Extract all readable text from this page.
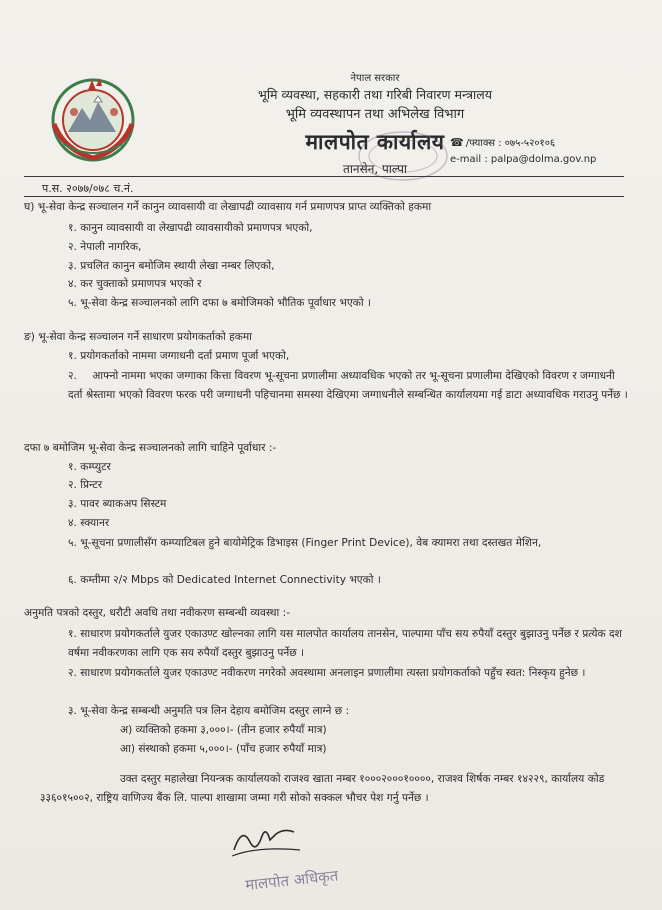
नेपाल सरकार
भूमि व्यवस्था, सहकारी तथा गरिबी निवारण मन्त्रालय
भूमि व्यवस्थापन तथा अभिलेख विभाग
मालपोत कार्यालय
तानसेन, पाल्पा
☎ /फ्याक्स : ०७५-५२०१०६
e-mail : palpa@dolma.gov.np
प.स. २०७७/०७८ च.नं.
घ) भू-सेवा केन्द्र सञ्चालन गर्ने कानुन व्यावसायी वा लेखापढी व्यावसाय गर्न प्रमाणपत्र प्राप्त व्यक्तिको हकमा
१. कानुन व्यावसायी वा लेखापढी व्यावसायीको प्रमाणपत्र भएको,
२. नेपाली नागरिक,
३. प्रचलित कानुन बमोजिम स्थायी लेखा नम्बर लिएको,
४. कर चुक्ताको प्रमाणपत्र भएको र
५. भू-सेवा केन्द्र सञ्चालनको लागि दफा ७ बमोजिमको भौतिक पूर्वाधार भएको ।
ङ) भू-सेवा केन्द्र सञ्चालन गर्ने साधारण प्रयोगकर्ताको हकमा
१. प्रयोगकर्ताको नाममा जग्गाधनी दर्ता प्रमाण पूर्जा भएको,
२. आफ्नो नाममा भएका जग्गाका कित्ता विवरण भू-सूचना प्रणालीमा अध्यावधिक भएको तर भू-सूचना प्रणालीमा देखिएको विवरण र जग्गाधनी दर्ता श्रेस्तामा भएको विवरण फरक परी जग्गाधनी पहिचानमा समस्या देखिएमा जग्गाधनीले सम्बन्धित कार्यालयमा गई डाटा अध्यावधिक गराउनु पर्नेछ ।
दफा ७ बमोजिम भू-सेवा केन्द्र सञ्चालनको लागि चाहिने पूर्वाधार :-
१. कम्प्युटर
२. प्रिन्टर
३. पावर ब्याकअप सिस्टम
४. स्क्यानर
५. भू-सूचना प्रणालीसँग कम्प्याटिबल हुने बायोमेट्रिक डिभाइस (Finger Print Device), वेब क्यामरा तथा दस्तखत मेशिन,
६. कम्तीमा २/२ Mbps को Dedicated Internet Connectivity भएको ।
अनुमति पत्रको दस्तुर, धरौटी अवधि तथा नवीकरण सम्बन्धी व्यवस्था :-
१. साधारण प्रयोगकर्ताले युजर एकाउण्ट खोल्नका लागि यस मालपोत कार्यालय तानसेन, पाल्पामा पाँच सय रुपैयाँ दस्तुर बुझाउनु पर्नेछ र प्रत्येक दश वर्षमा नवीकरणका लागि एक सय रुपैयाँ दस्तुर बुझाउनु पर्नेछ ।
२. साधारण प्रयोगकर्ताले युजर एकाउण्ट नवीकरण नगरेको अवस्थामा अनलाइन प्रणालीमा त्यस्ता प्रयोगकर्ताको पहुँच स्वत: निस्कृय हुनेछ ।
३. भू-सेवा केन्द्र सम्बन्धी अनुमति पत्र लिन देहाय बमोजिम दस्तुर लाग्ने छ :
अ) व्यक्तिको हकमा ३,०००।- (तीन हजार रुपैयाँ मात्र)
आ) संस्थाको हकमा ५,०००।- (पाँच हजार रुपैयाँ मात्र)
उक्त दस्तुर महालेखा नियन्त्रक कार्यालयको राजश्व खाता नम्बर १०००२०००१००००, राजश्व शिर्षक नम्बर १४२२९, कार्यालय कोड ३३६०१५००२, राष्ट्रिय वाणिज्य बैंक लि. पाल्पा शाखामा जम्मा गरी सोको सक्कल भौचर पेश गर्नु पर्नेछ ।
मालपोत अधिकृत
